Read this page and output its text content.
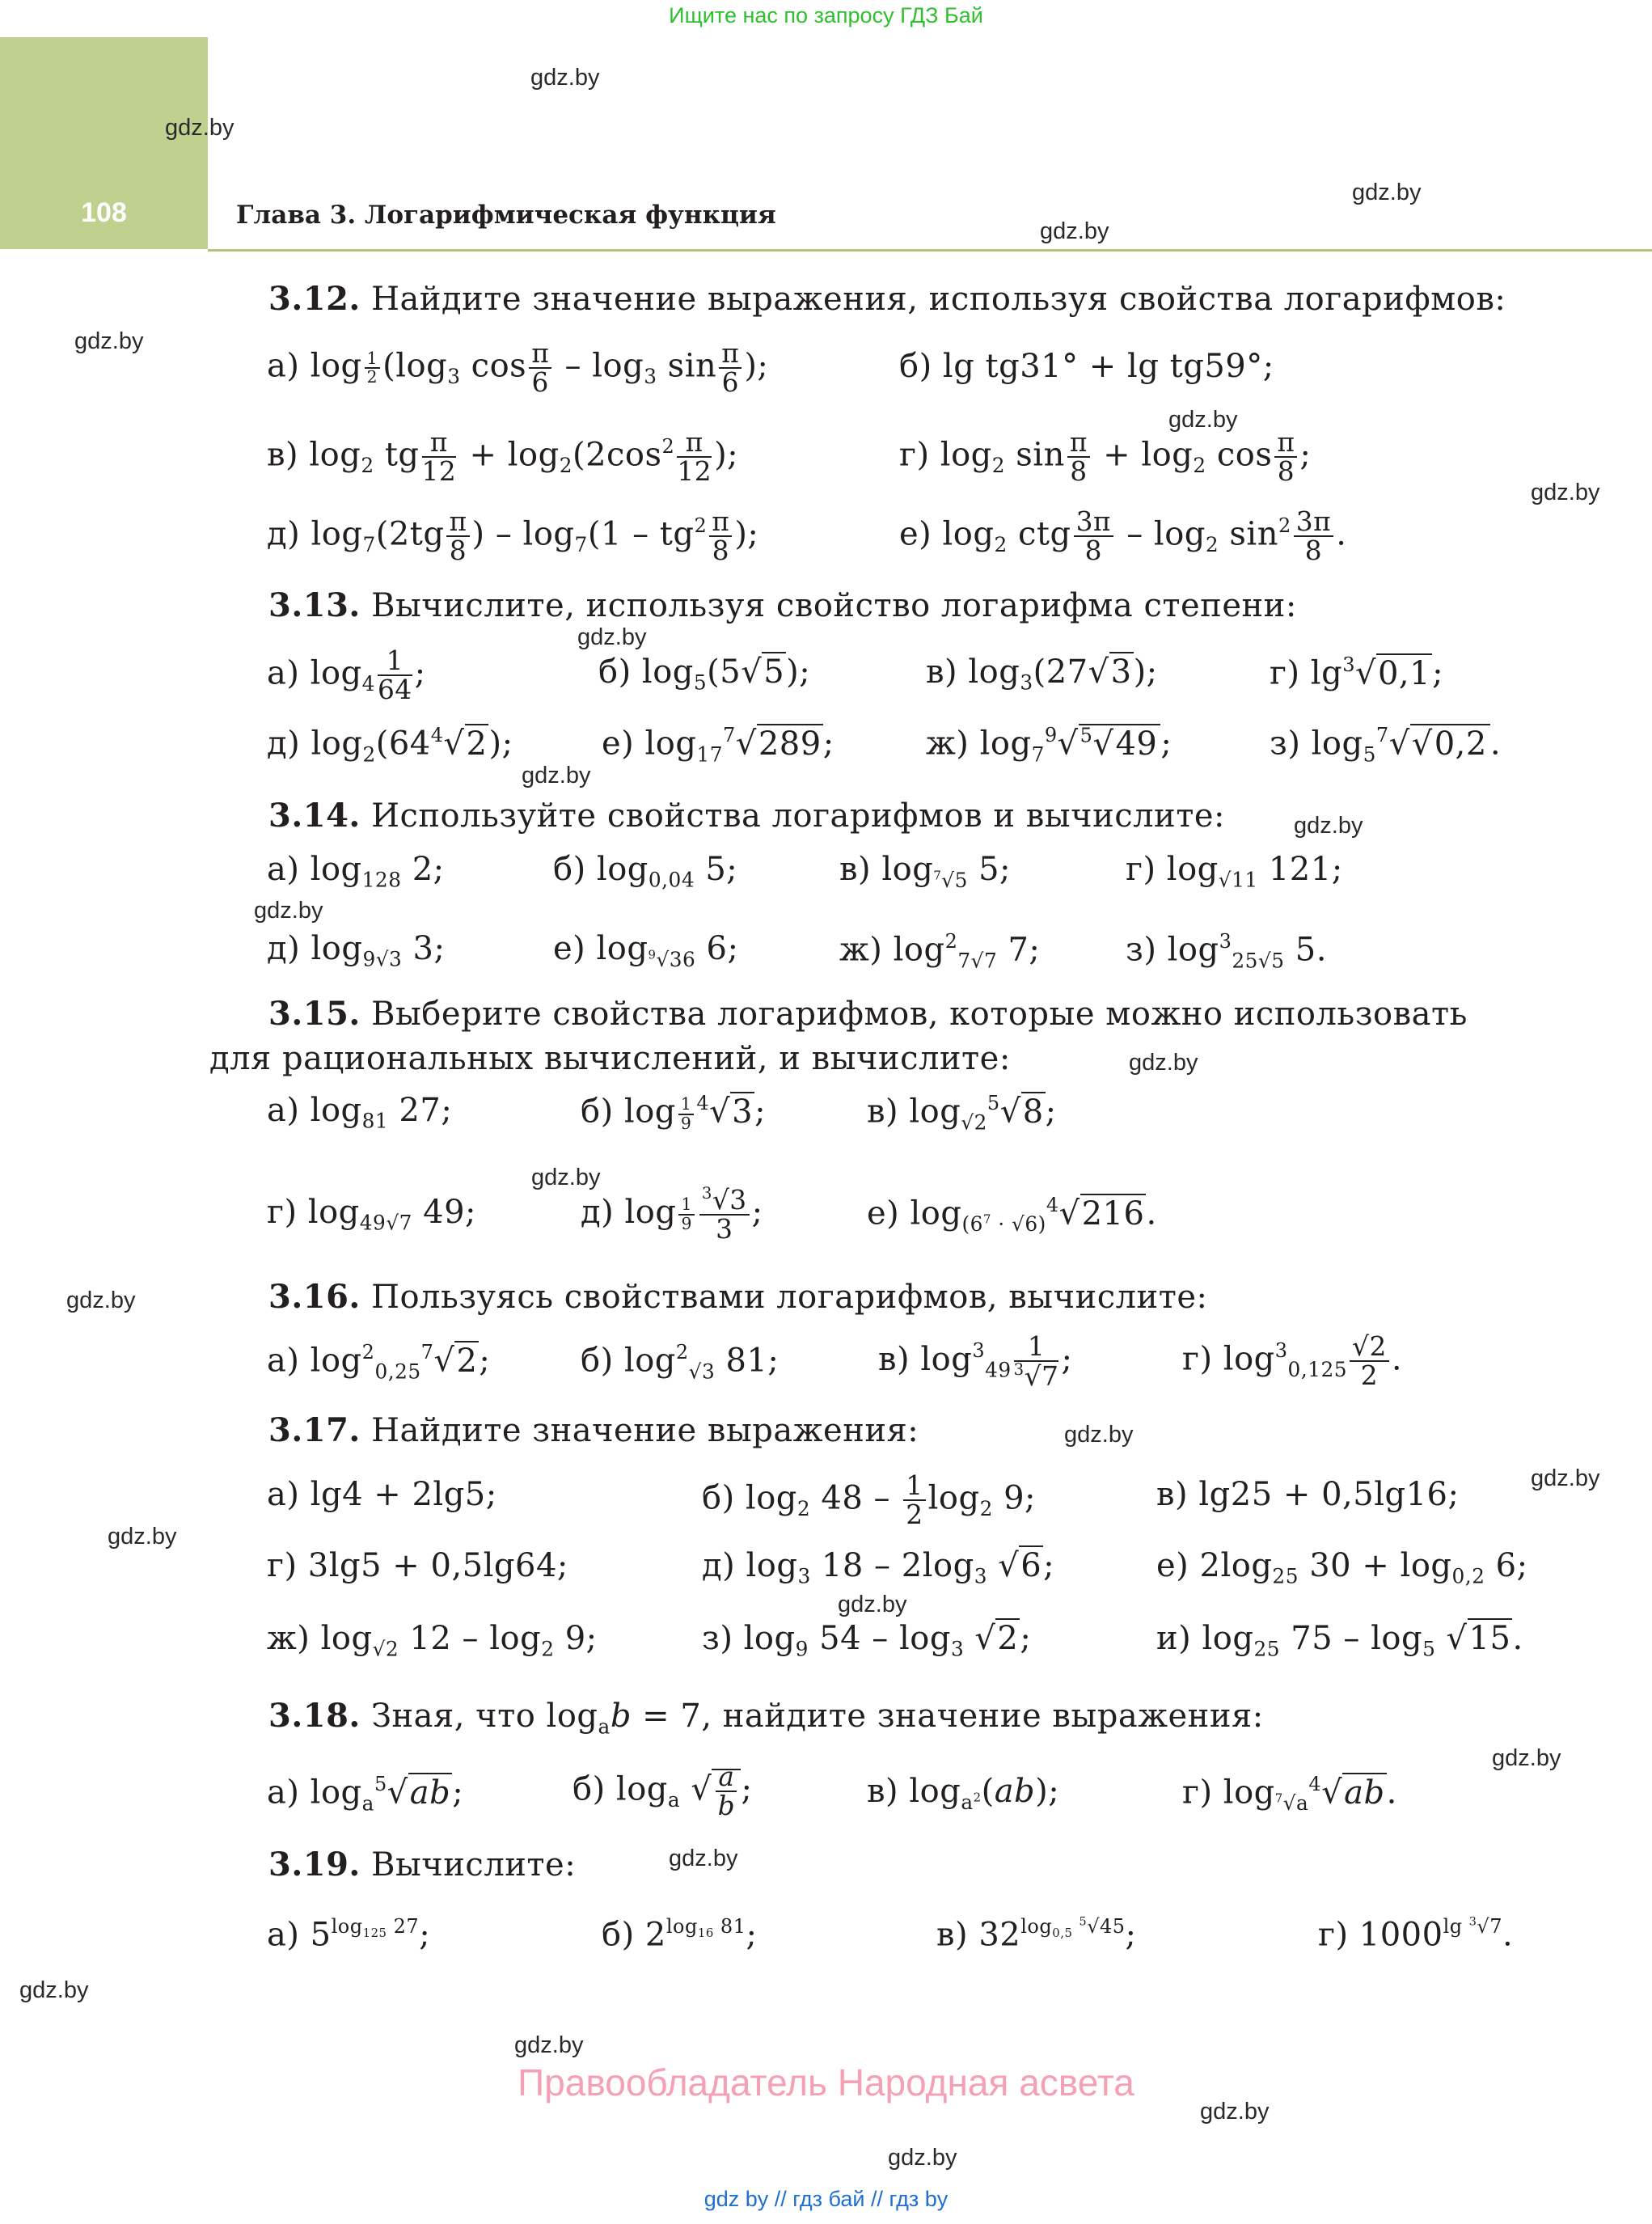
Ищите нас по запросу ГДЗ Бай
108	Глава 3. Логарифмическая функция
gdz.by
gdz.by
gdz.by
gdz.by
gdz.by
gdz.by
gdz.by
gdz.by
gdz.by
gdz.by
gdz.by
gdz.by
gdz.by
gdz.by
gdz.by
gdz.by
gdz.by
gdz.by
gdz.by
gdz.by
gdz.by
gdz.by
gdz.by
gdz.by
3.12. Найдите значение выражения, используя свойства логарифмов:
а) $\log \frac{1}{2} (\log_3$ $\cos \frac{\pi}{6} - \log_3 \sin \frac{\pi}{6}$ );	б) lg tg31° + lg tg59°;
в) $\log_2$ tg $\frac{\pi}{12} + \log_2(2\cos^2 \frac{\pi}{12}$ );	г) $\log_2 \sin \frac{\pi}{8} + \log_2 \cos \frac{\pi}{8}$ ;
д) $\log_7(2tg \frac{\pi}{8}$ ) – $\log_7(1 - tg^2 \frac{\pi}{8}$ );	е) $\log_2$ ctg $\frac{3\pi}{8} - \log_2 \sin^2 \frac{3\pi}{8}$ .
3.13. Вычислите, используя свойство логарифма степени:
а) $\log_4 \frac{1}{64}$ ;	б) $\log_5(5√5)$;	в) $\log_3(27√3)$;	г) $\lg^3√0,1$;
д) $\log_2(64^4√2)$;	е) $\log_{17}^7√289$;	ж) $\log_7^9√^5√49$ ;	з) $\log_5^7√√0,2$ .
3.14. Используйте свойства логарифмов и вычислите:
а) $\log_{128} 2$;	б) $\log_{0,04} 5$;	в) $\log_{^7√5} 5$;	г) $\log_{√11} 121$;
д) $\log_{9√3} 3$;	е) $\log_{^9√36} 6$;	ж) $\log^2_{7√7} 7$;	з) $\log^3_{25√5} 5$.
3.15. Выберите свойства логарифмов, которые можно использовать
для рациональных вычислений, и вычислите:
а) $\log_{81} 27$;	б) $\log \frac{1}{9} ^4√3$;	в) $\log_{√2}^5√8$;
г) $\log_{49√7} 49$;	д) $\log \frac{1}{9} \frac{^3√3}{3}$ ;	е) $\log_{(6^7 \cdot √6)}^4√216$.
3.16. Пользуясь свойствами логарифмов, вычислите:
а) $\log^2_{0,25}^7√2$;	б) $\log^2_{√3} 81$;	в) $\log^3_{49} \frac{1}{^3√7}$ ;	г) $\log^3_{0,125} \frac{√2}{2}$ .
3.17. Найдите значение выражения:
а) lg4 + 2lg5;	б) $\log_2 48 - \frac{1}{2} \log_2 9$;	в) lg25 + 0,5lg16;
г) 3lg5 + 0,5lg64;	д) $\log_3 18 - 2\log_3$ √6;	е) $2\log_{25}$ $30 + \log_{0,2} 6$;
ж) $\log_{√2} 12 - \log_2 9$;	з) $\log_9 54 - \log_3 √2$;	и) $\log_{25} 75 - \log_5 √15$.
3.18. Зная, что $\log_ab = 7$, найдите значение выражения:
а) $\log_a^5√ab$;	б) $\log_a$ √ $\frac{a}{b}$ ;	в) $\log_{a^2}(ab)$;	г) $\log_{^7√a}^4√ab$.
3.19. Вычислите:
а) $5^{log_{125} 27}$;	б) $2^{log_{16} 81}$;	в) $32^{log_{0,5} ^5√45}$;	г) $1000^{lg ^3√7}$.
Правообладатель Народная асвета
gdz by // гдз бай // гдз by
